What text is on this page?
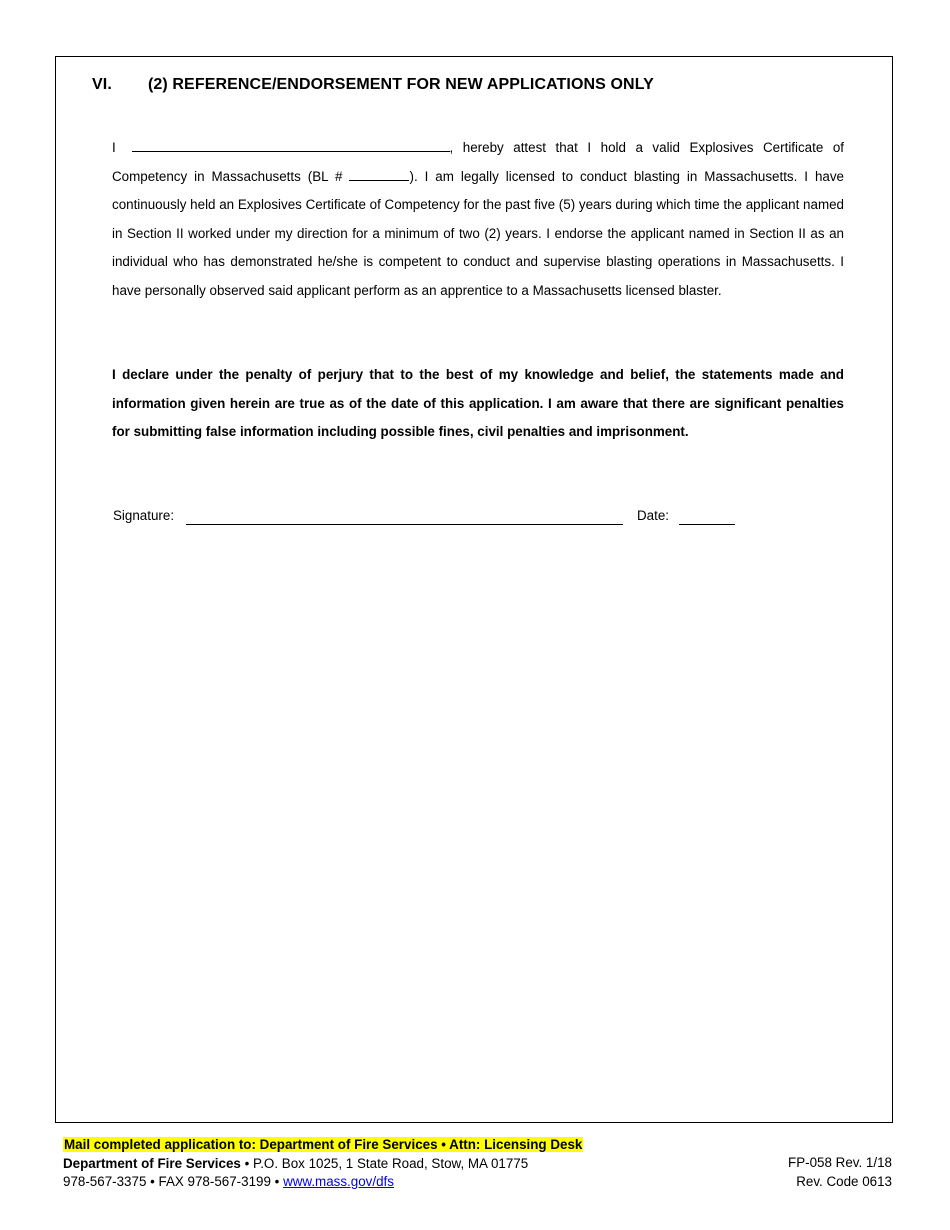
VI. (2) REFERENCE/ENDORSEMENT FOR NEW APPLICATIONS ONLY
I	, hereby attest that I hold a valid Explosives Certificate of Competency in Massachusetts (BL #	). I am legally licensed to conduct blasting in Massachusetts. I have continuously held an Explosives Certificate of Competency for the past five (5) years during which time the applicant named in Section II worked under my direction for a minimum of two (2) years. I endorse the applicant named in Section II as an individual who has demonstrated he/she is competent to conduct and supervise blasting operations in Massachusetts. I have personally observed said applicant perform as an apprentice to a Massachusetts licensed blaster.
I declare under the penalty of perjury that to the best of my knowledge and belief, the statements made and information given herein are true as of the date of this application. I am aware that there are significant penalties for submitting false information including possible fines, civil penalties and imprisonment.
Signature:	Date:
Mail completed application to: Department of Fire Services • Attn: Licensing Desk
Department of Fire Services • P.O. Box 1025, 1 State Road, Stow, MA 01775
978-567-3375 • FAX 978-567-3199 • www.mass.gov/dfs
FP-058 Rev. 1/18
Rev. Code 0613
